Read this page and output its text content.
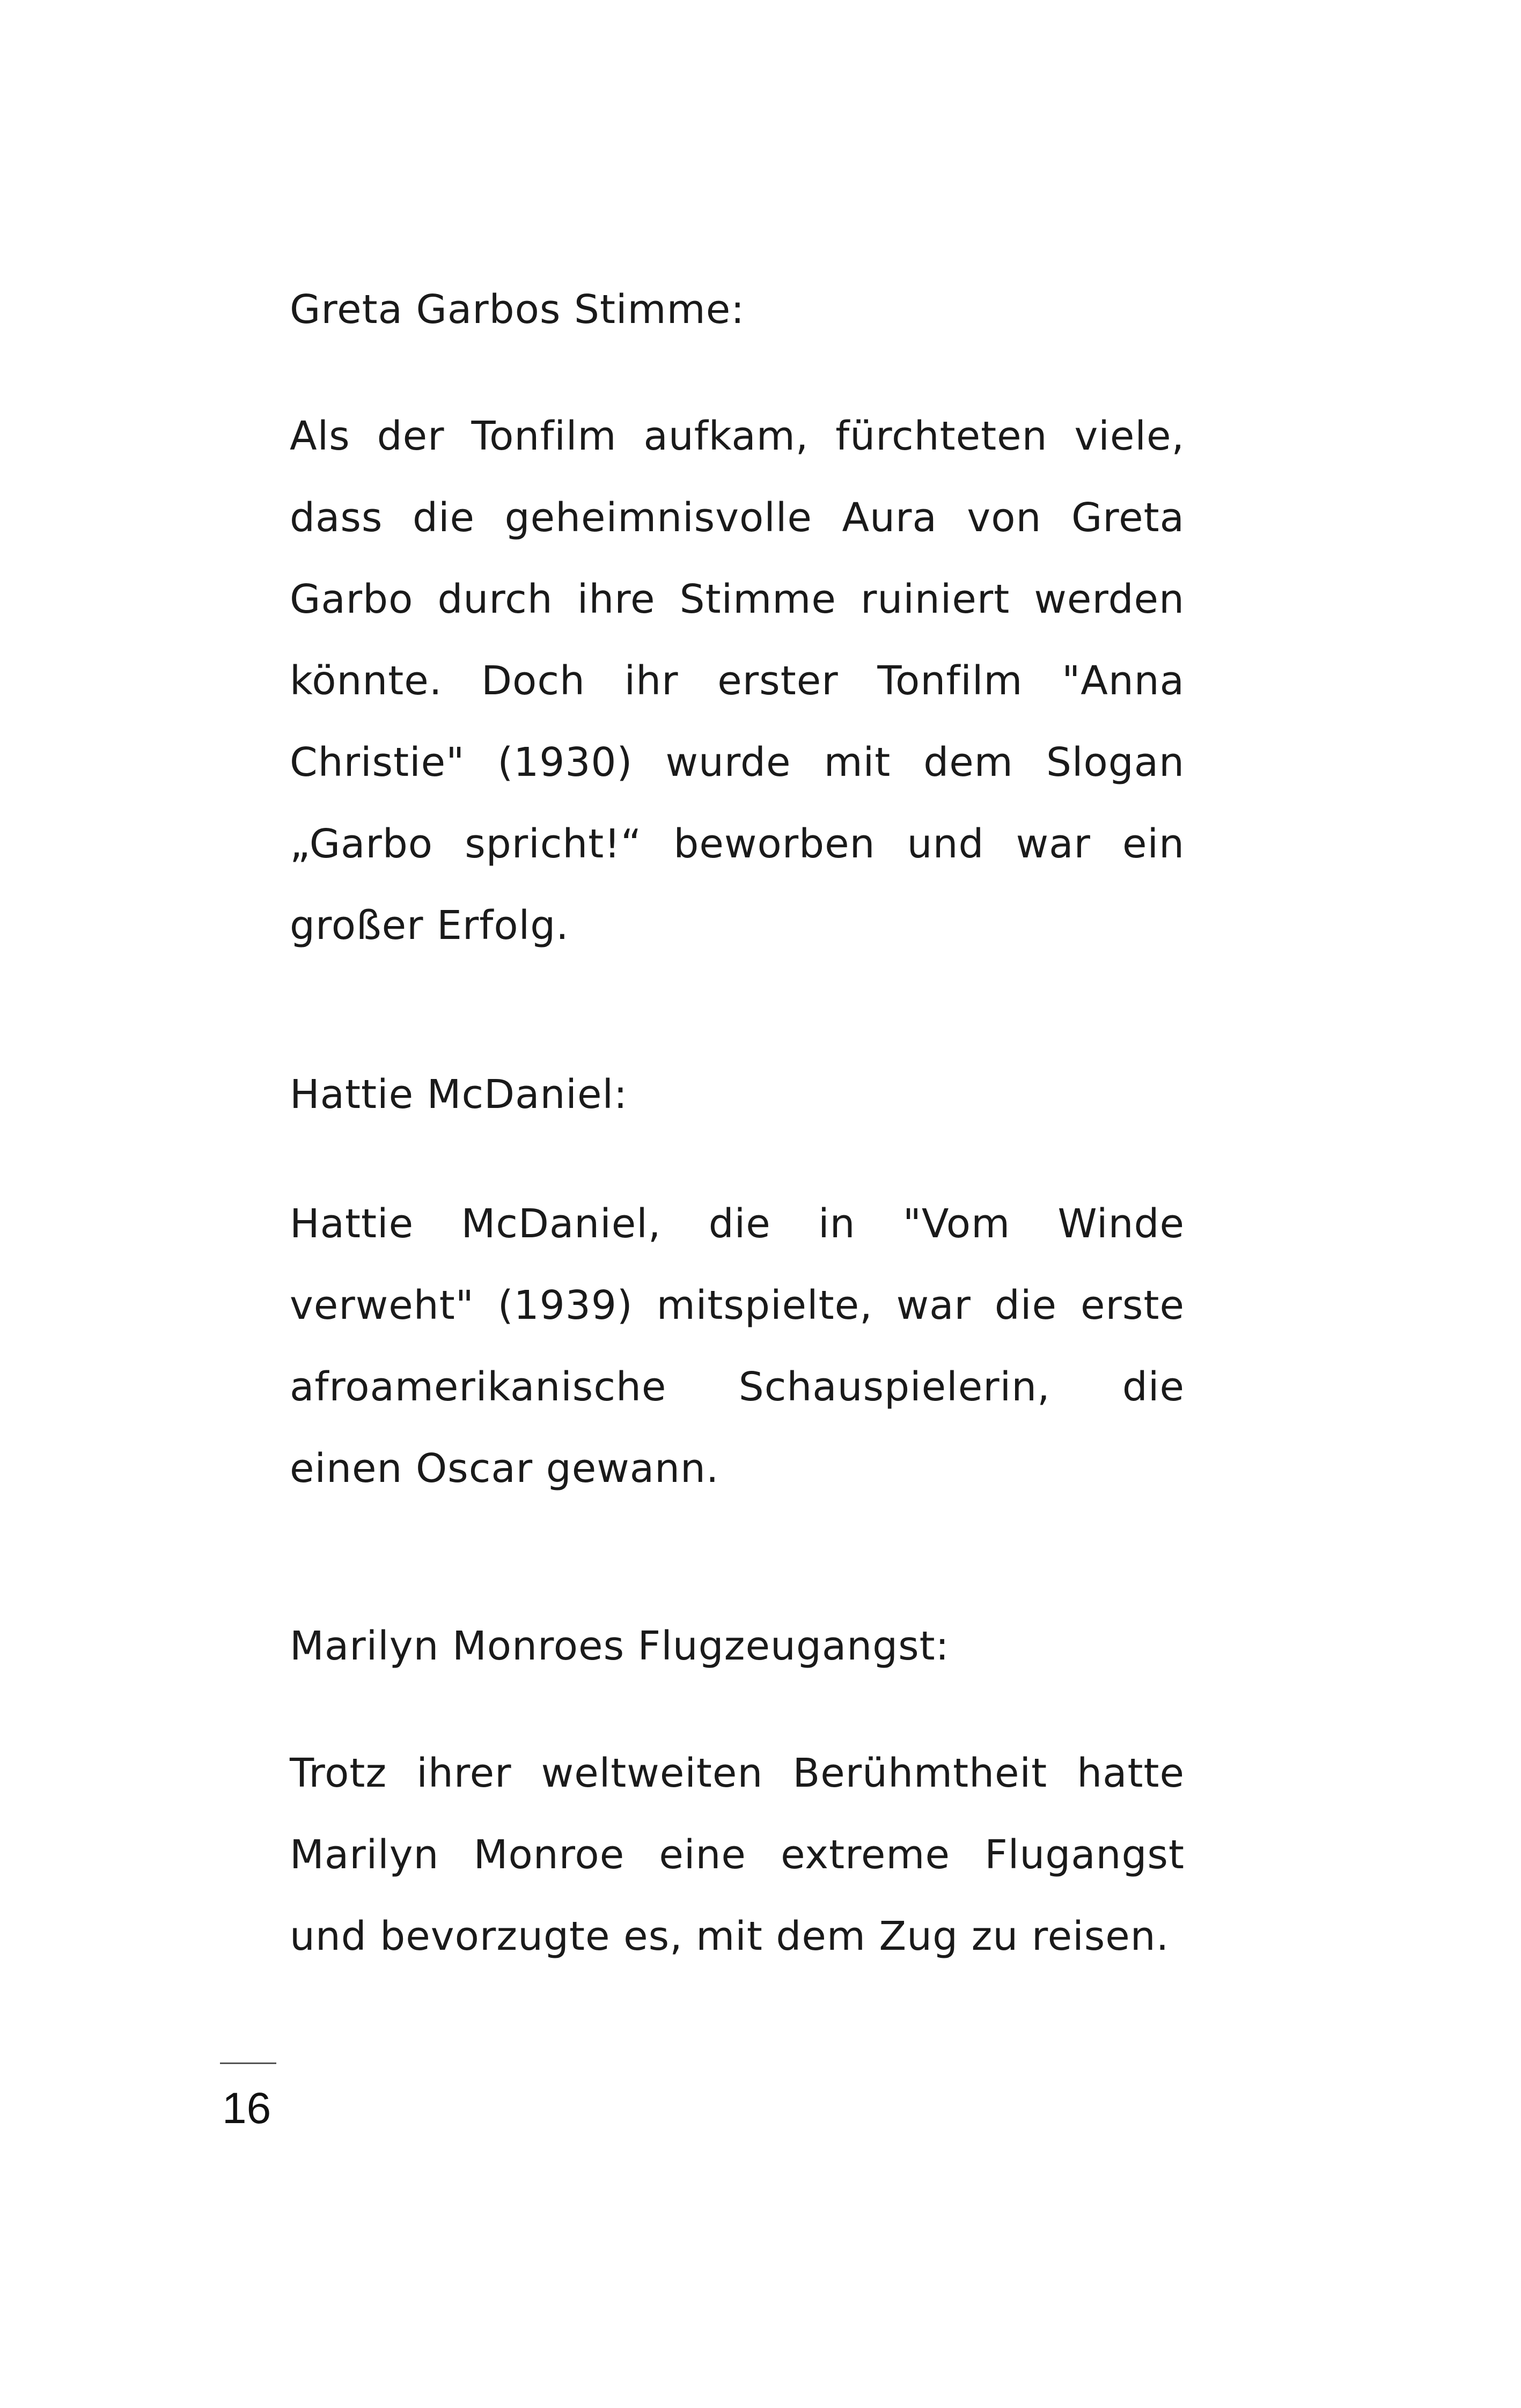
Greta Garbos Stimme:

Als der Tonfilm aufkam, fürchteten viele, dass die geheimnisvolle Aura von Greta Garbo durch ihre Stimme ruiniert werden könnte. Doch ihr erster Tonfilm "Anna Christie" (1930) wurde mit dem Slogan „Garbo spricht!“ beworben und war ein großer Erfolg.

Hattie McDaniel:

Hattie McDaniel, die in "Vom Winde verweht" (1939) mitspielte, war die erste afroamerikanische Schauspielerin, die einen Oscar gewann.

Marilyn Monroes Flugzeugangst:

Trotz ihrer weltweiten Berühmtheit hatte Marilyn Monroe eine extreme Flugangst und bevorzugte es, mit dem Zug zu reisen.

16
